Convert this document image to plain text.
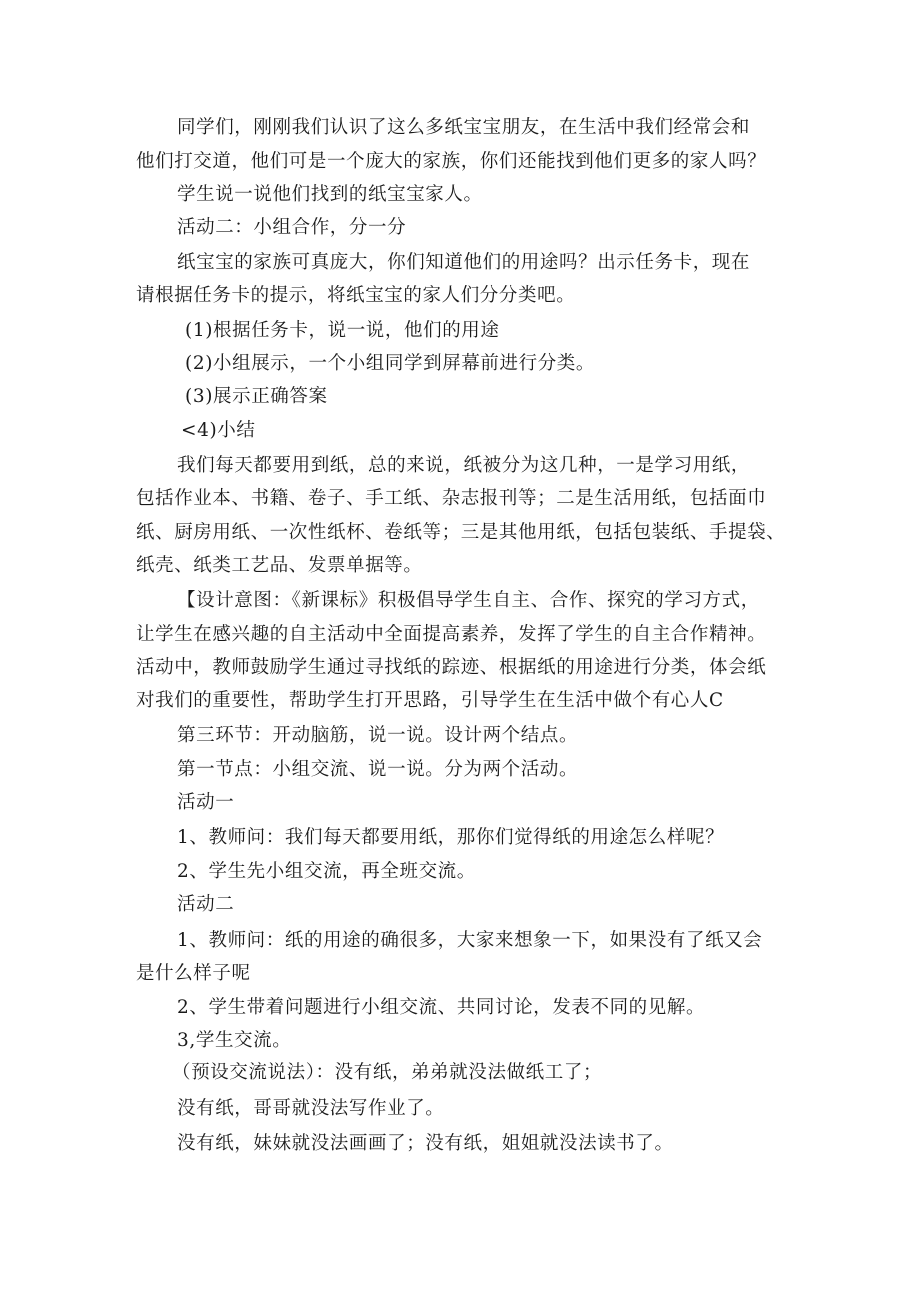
同学们，刚刚我们认识了这么多纸宝宝朋友，在生活中我们经常会和
他们打交道，他们可是一个庞大的家族，你们还能找到他们更多的家人吗？
学生说一说他们找到的纸宝宝家人。
活动二：小组合作，分一分
纸宝宝的家族可真庞大，你们知道他们的用途吗？出示任务卡，现在
请根据任务卡的提示，将纸宝宝的家人们分分类吧。
(1)根据任务卡，说一说，他们的用途
(2)小组展示，一个小组同学到屏幕前进行分类。
(3)展示正确答案
<4)小结
我们每天都要用到纸，总的来说，纸被分为这几种，一是学习用纸，
包括作业本、书籍、卷子、手工纸、杂志报刊等；二是生活用纸，包括面巾
纸、厨房用纸、一次性纸杯、卷纸等；三是其他用纸，包括包装纸、手提袋、
纸壳、纸类工艺品、发票单据等。
【设计意图：《新课标》积极倡导学生自主、合作、探究的学习方式，
让学生在感兴趣的自主活动中全面提高素养，发挥了学生的自主合作精神。
活动中，教师鼓励学生通过寻找纸的踪迹、根据纸的用途进行分类，体会纸
对我们的重要性，帮助学生打开思路，引导学生在生活中做个有心人C
第三环节：开动脑筋，说一说。设计两个结点。
第一节点：小组交流、说一说。分为两个活动。
活动一
1、教师问：我们每天都要用纸，那你们觉得纸的用途怎么样呢？
2、学生先小组交流，再全班交流。
活动二
1、教师问：纸的用途的确很多，大家来想象一下，如果没有了纸又会
是什么样子呢
2、学生带着问题进行小组交流、共同讨论，发表不同的见解。
3,学生交流。
（预设交流说法）：没有纸，弟弟就没法做纸工了；
没有纸，哥哥就没法写作业了。
没有纸，妹妹就没法画画了；没有纸，姐姐就没法读书了。
